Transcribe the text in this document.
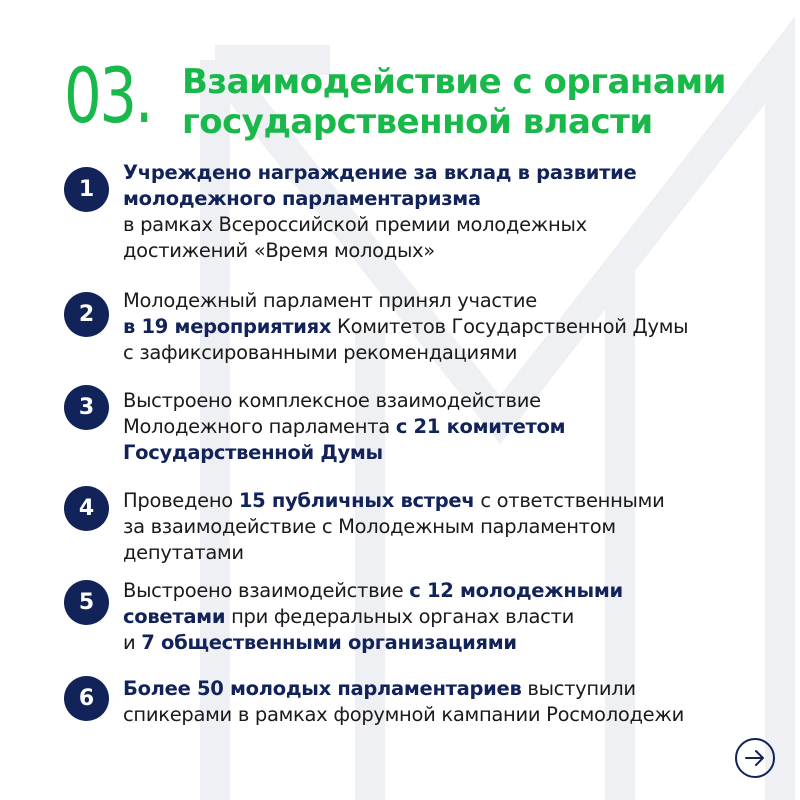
03. Взаимодействие с органами
государственной власти
1
Учреждено награждение за вклад в развитие
молодежного парламентаризма
в рамках Всероссийской премии молодежных
достижений «Время молодых»
2
Молодежный парламент принял участие
в 19 мероприятиях Комитетов Государственной Думы
с зафиксированными рекомендациями
3	Выстроено комплексное взаимодействие
Молодежного парламента с 21 комитетом
Государственной Думы
4	Проведено 15 публичных встреч с ответственными
за взаимодействие с Молодежным парламентом
депутатами
5	Выстроено взаимодействие с 12 молодежными
советами при федеральных органах власти
и 7 общественными организациями
6	Более 50 молодых парламентариев выступили
спикерами в рамках форумной кампании Росмолодежи
